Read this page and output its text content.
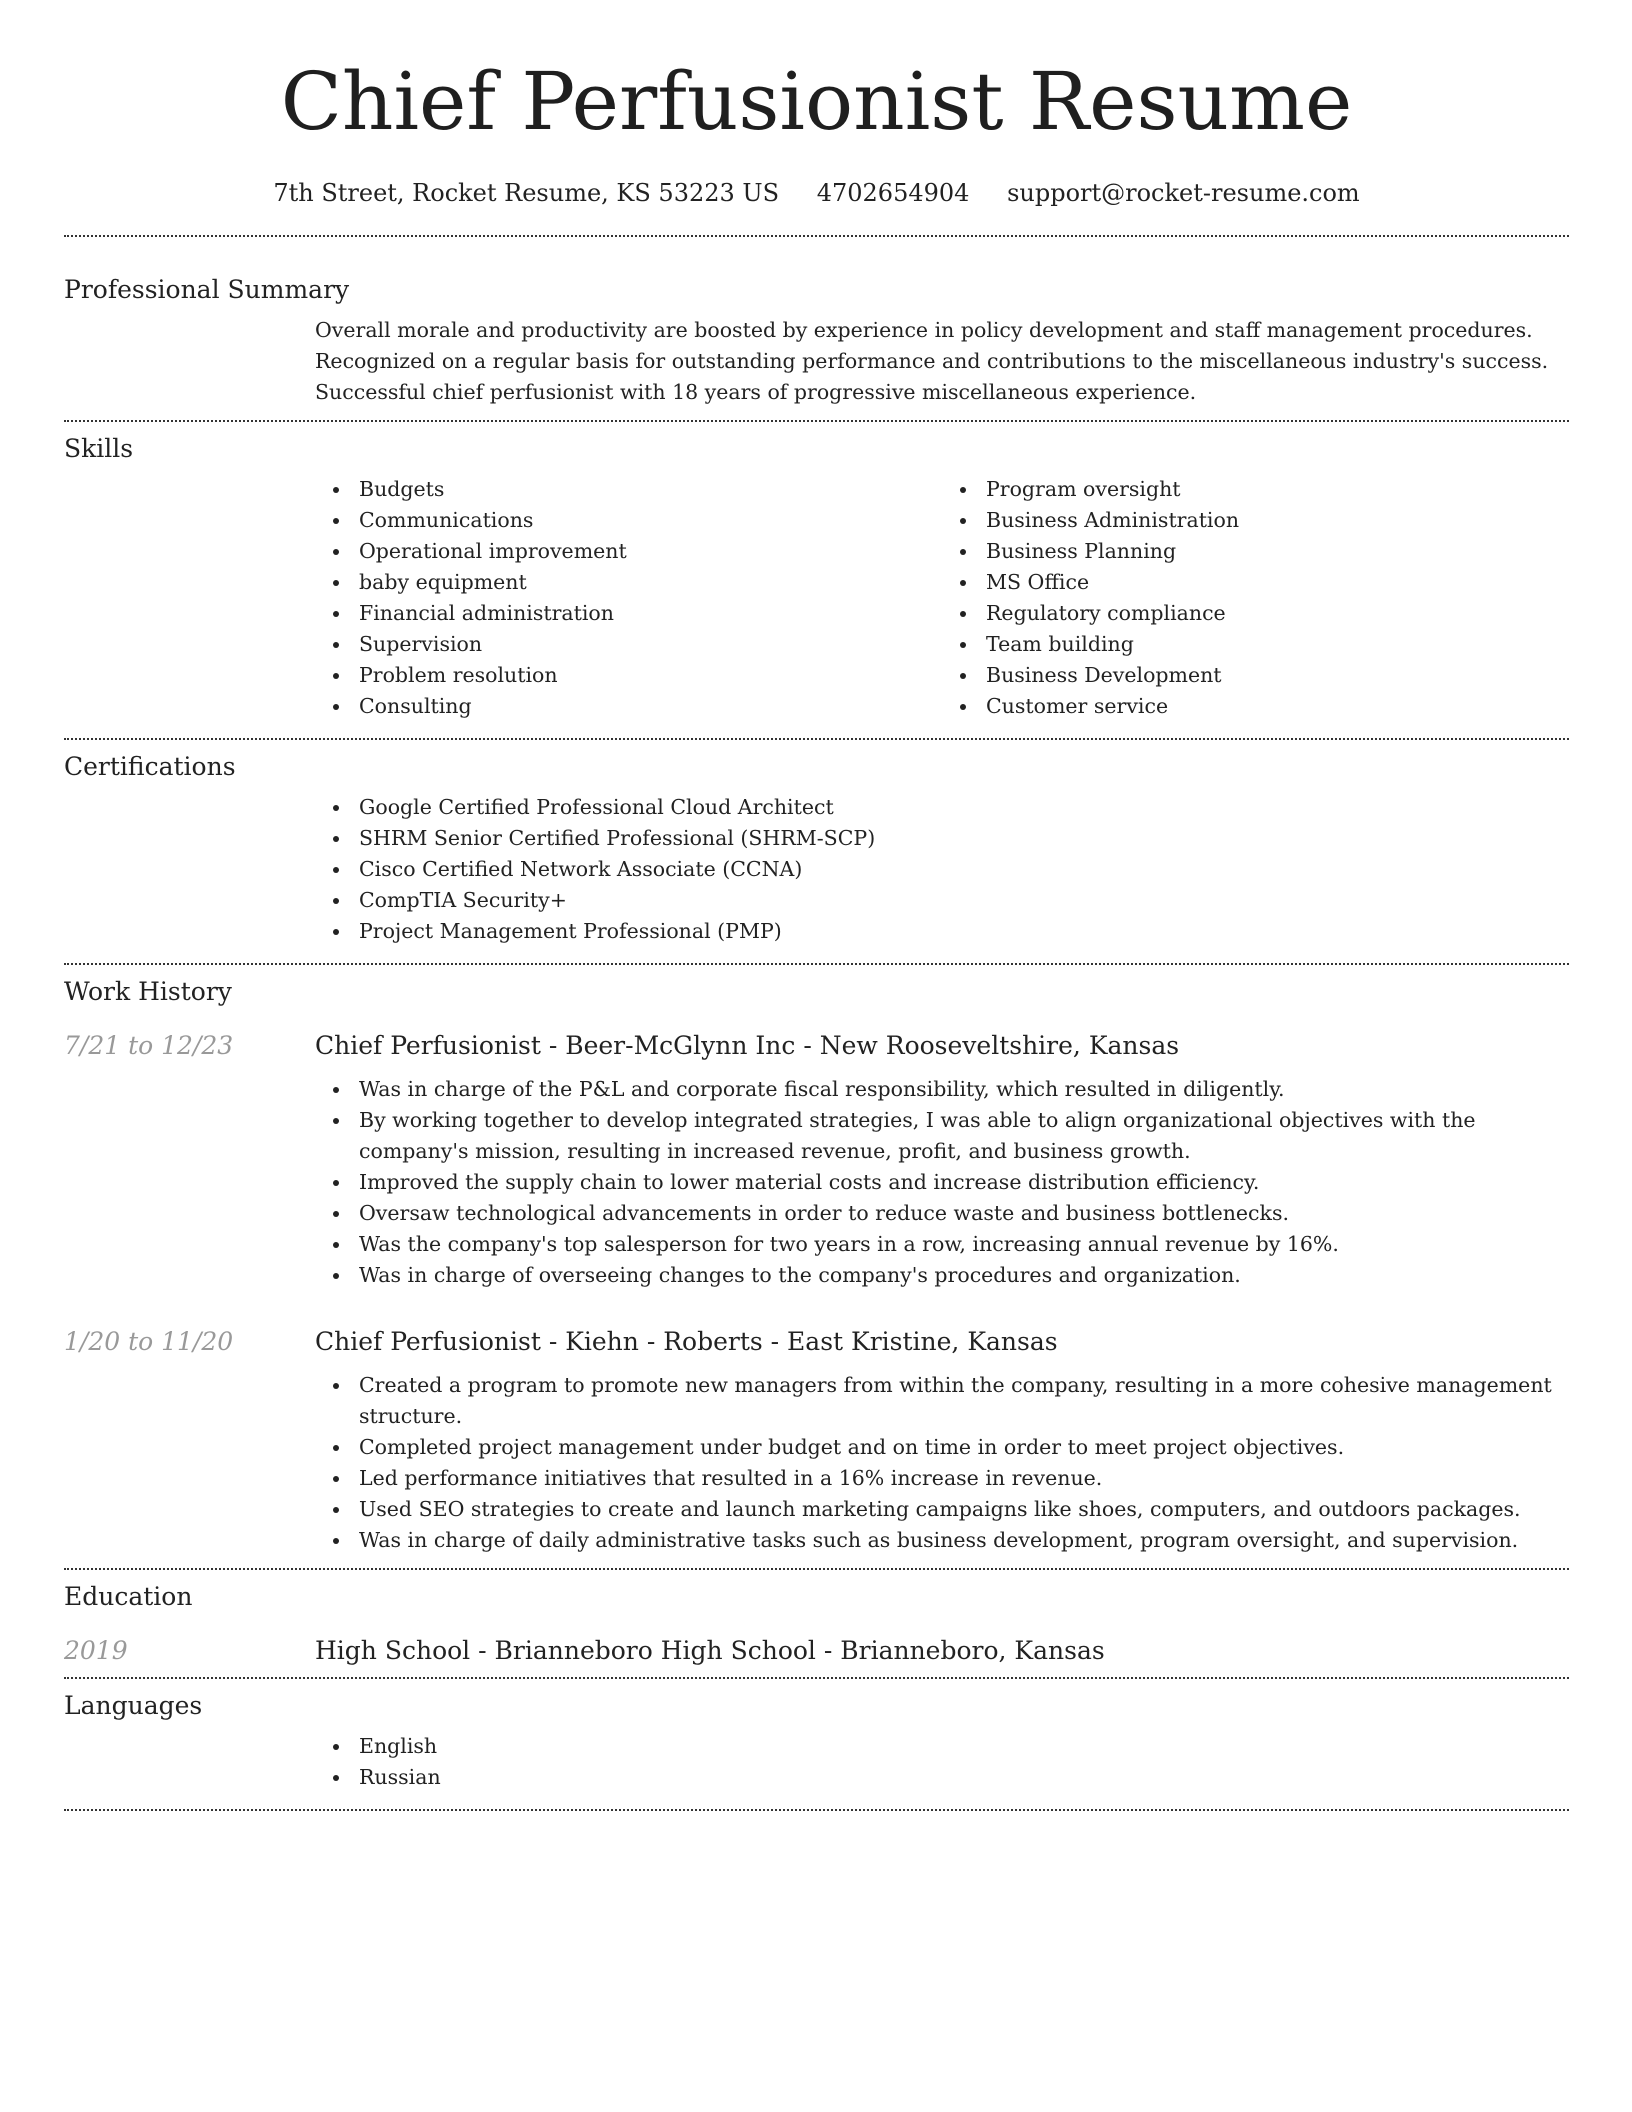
Chief Perfusionist Resume
7th Street, Rocket Resume, KS 53223 US 4702654904 support@rocket-resume.com
Professional Summary
Overall morale and productivity are boosted by experience in policy development and staff management procedures.
Recognized on a regular basis for outstanding performance and contributions to the miscellaneous industry's success.
Successful chief perfusionist with 18 years of progressive miscellaneous experience.
Skills
Budgets
Communications
Operational improvement
baby equipment
Financial administration
Supervision
Problem resolution
Consulting
Program oversight
Business Administration
Business Planning
MS Office
Regulatory compliance
Team building
Business Development
Customer service
Certifications
Google Certified Professional Cloud Architect
SHRM Senior Certified Professional (SHRM-SCP)
Cisco Certified Network Associate (CCNA)
CompTIA Security+
Project Management Professional (PMP)
Work History
7/21 to 12/23	Chief Perfusionist - Beer-McGlynn Inc - New Rooseveltshire, Kansas
Was in charge of the P&L and corporate fiscal responsibility, which resulted in diligently.
By working together to develop integrated strategies, I was able to align organizational objectives with the company's mission, resulting in increased revenue, profit, and business growth.
Improved the supply chain to lower material costs and increase distribution efficiency.
Oversaw technological advancements in order to reduce waste and business bottlenecks.
Was the company's top salesperson for two years in a row, increasing annual revenue by 16%.
Was in charge of overseeing changes to the company's procedures and organization.
1/20 to 11/20	Chief Perfusionist - Kiehn - Roberts - East Kristine, Kansas
Created a program to promote new managers from within the company, resulting in a more cohesive management structure.
Completed project management under budget and on time in order to meet project objectives.
Led performance initiatives that resulted in a 16% increase in revenue.
Used SEO strategies to create and launch marketing campaigns like shoes, computers, and outdoors packages.
Was in charge of daily administrative tasks such as business development, program oversight, and supervision.
Education
2019	High School - Brianneboro High School - Brianneboro, Kansas
Languages
English
Russian
